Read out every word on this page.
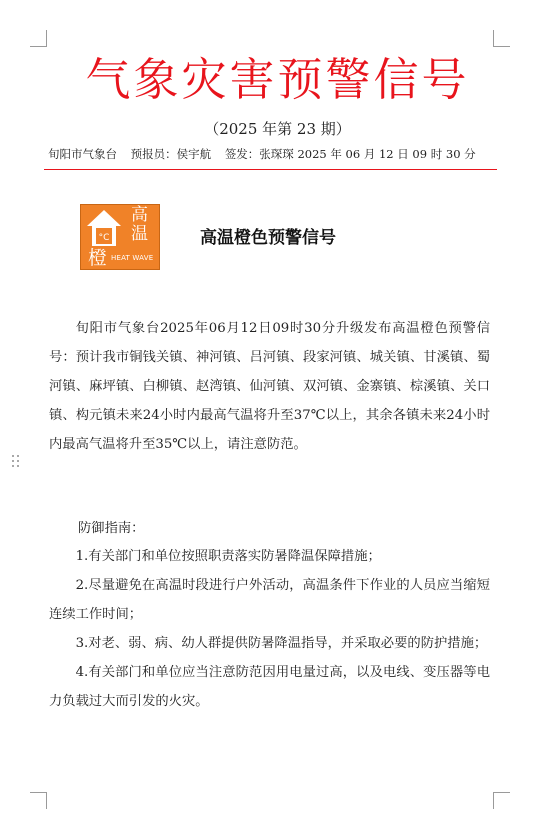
气象灾害预警信号
（2025 年第 23 期）
旬阳市气象台 预报员：侯宇航 签发：张琛琛 2025 年 06 月 12 日 09 时 30 分
°C
高
温
橙 HEAT WAVE
高温橙色预警信号

旬阳市气象台2025年06月12日09时30分升级发布高温橙色预警信号：预计我市铜钱关镇、神河镇、吕河镇、段家河镇、城关镇、甘溪镇、蜀河镇、麻坪镇、白柳镇、赵湾镇、仙河镇、双河镇、金寨镇、棕溪镇、关口镇、构元镇未来24小时内最高气温将升至37℃以上，其余各镇未来24小时内最高气温将升至35℃以上，请注意防范。

防御指南：
1.有关部门和单位按照职责落实防暑降温保障措施；
2.尽量避免在高温时段进行户外活动，高温条件下作业的人员应当缩短连续工作时间；
3.对老、弱、病、幼人群提供防暑降温指导，并采取必要的防护措施；
4.有关部门和单位应当注意防范因用电量过高，以及电线、变压器等电力负载过大而引发的火灾。
